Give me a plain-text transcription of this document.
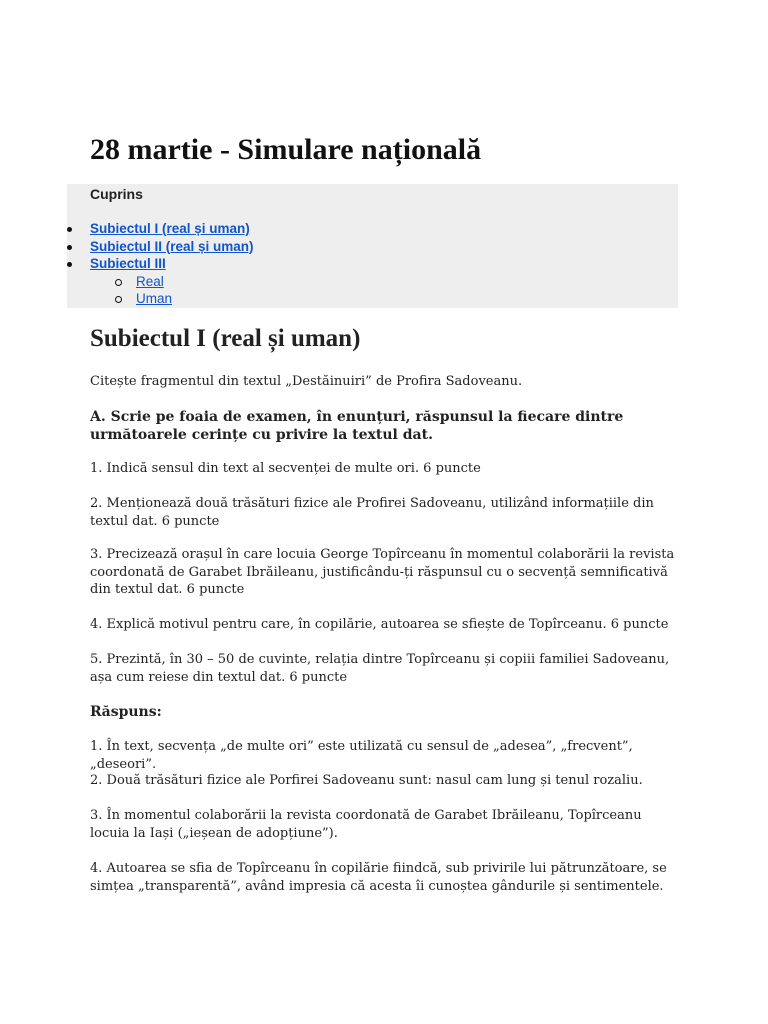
28 martie - Simulare națională
Cuprins
Subiectul I (real și uman)
Subiectul II (real și uman)
Subiectul III
Real
Uman
Subiectul I (real și uman)

Citește fragmentul din textul „Destăinuiri” de Profira Sadoveanu.

A. Scrie pe foaia de examen, în enunțuri, răspunsul la fiecare dintre următoarele cerințe cu privire la textul dat.

1. Indică sensul din text al secvenței de multe ori. 6 puncte

2. Menționează două trăsături fizice ale Profirei Sadoveanu, utilizând informațiile din textul dat. 6 puncte

3. Precizează orașul în care locuia George Topîrceanu în momentul colaborării la revista coordonată de Garabet Ibrăileanu, justificându-ți răspunsul cu o secvență semnificativă din textul dat. 6 puncte

4. Explică motivul pentru care, în copilărie, autoarea se sfiește de Topîrceanu. 6 puncte

5. Prezintă, în 30 – 50 de cuvinte, relația dintre Topîrceanu și copiii familiei Sadoveanu, așa cum reiese din textul dat. 6 puncte

Răspuns:

1. În text, secvența „de multe ori” este utilizată cu sensul de „adesea”, „frecvent”, „deseori”.

2. Două trăsături fizice ale Porfirei Sadoveanu sunt: nasul cam lung și tenul rozaliu.

3. În momentul colaborării la revista coordonată de Garabet Ibrăileanu, Topîrceanu locuia la Iași („ieșean de adopțiune”).

4. Autoarea se sfia de Topîrceanu în copilărie fiindcă, sub privirile lui pătrunzătoare, se simțea „transparentă”, având impresia că acesta îi cunoștea gândurile și sentimentele.
